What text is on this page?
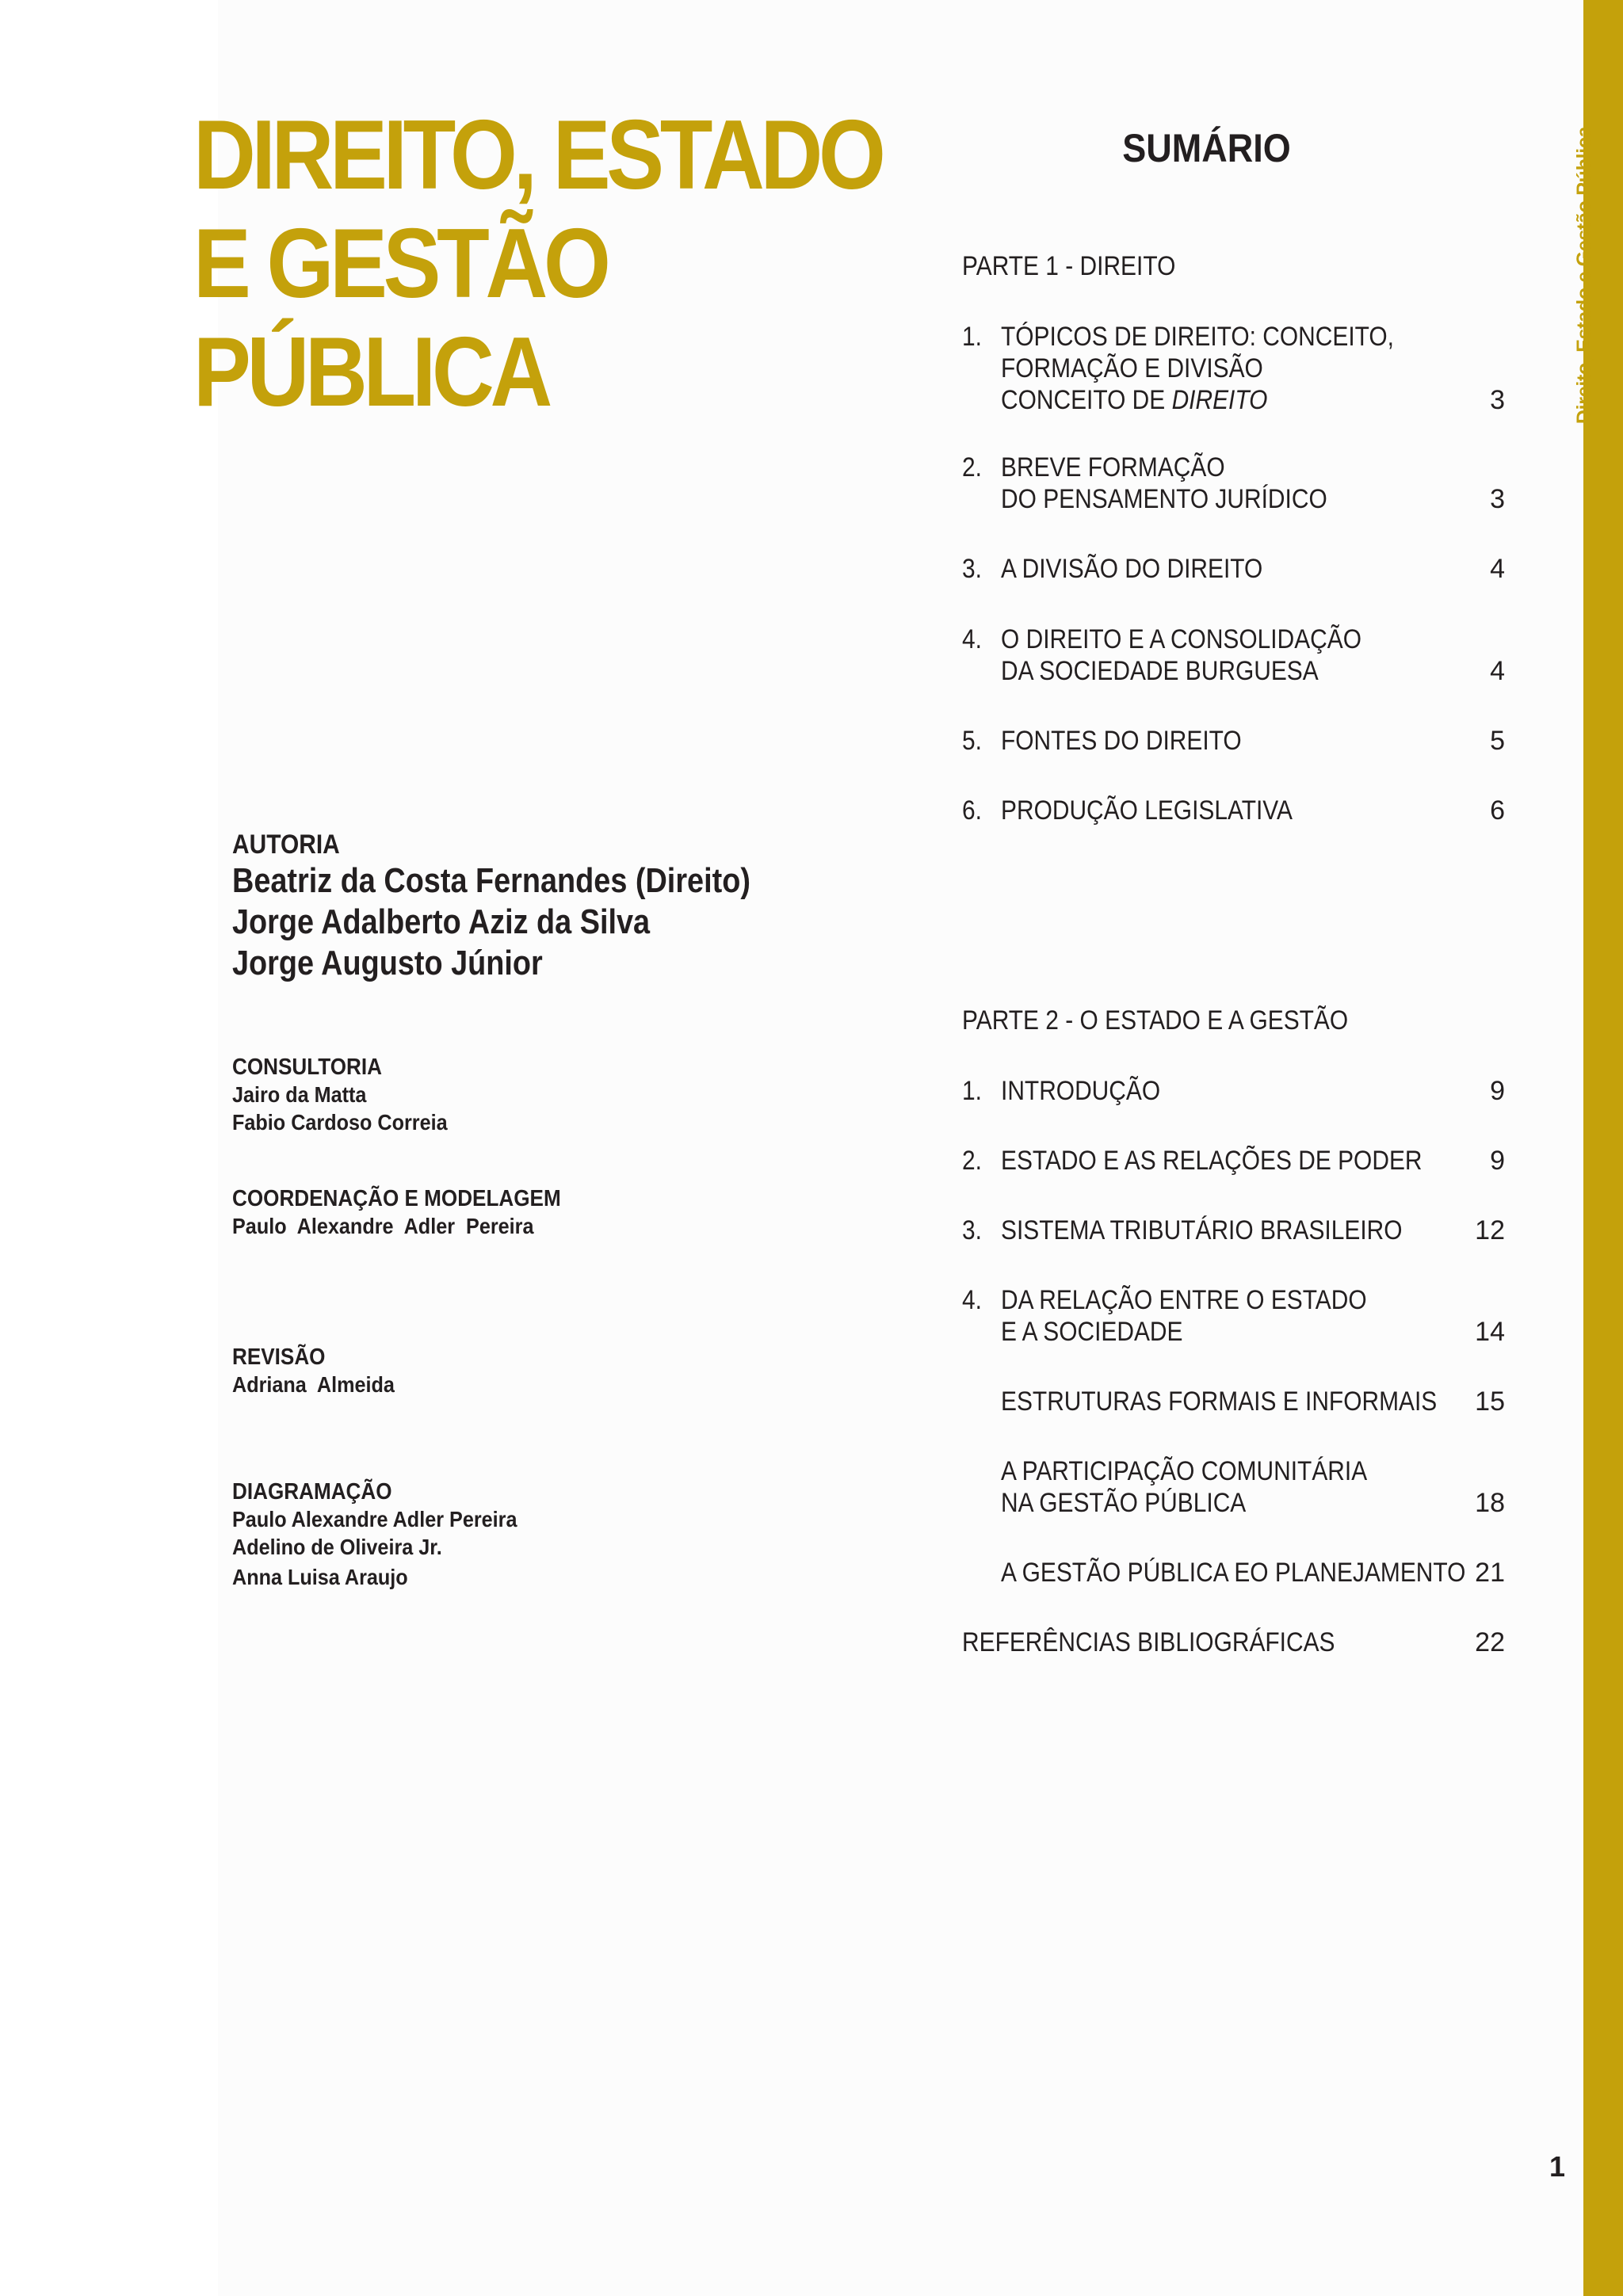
Direito, Estado e Gestão Pública
DIREITO, ESTADO
E GESTÃO
PÚBLICA
AUTORIA
Beatriz da Costa Fernandes (Direito)
Jorge Adalberto Aziz da Silva
Jorge Augusto Júnior
CONSULTORIA
Jairo da Matta
Fabio Cardoso Correia
COORDENAÇÃO E MODELAGEM
Paulo  Alexandre  Adler  Pereira
REVISÃO
Adriana  Almeida
DIAGRAMAÇÃO
Paulo Alexandre Adler Pereira
Adelino de Oliveira Jr.
Anna Luisa Araujo
SUMÁRIO
PARTE 1 - DIREITO
1. TÓPICOS DE DIREITO: CONCEITO,
FORMAÇÃO E DIVISÃO
CONCEITO DE DIREITO	3
2. BREVE FORMAÇÃO
DO PENSAMENTO JURÍDICO	3
3. A DIVISÃO DO DIREITO	4
4. O DIREITO E A CONSOLIDAÇÃO
DA SOCIEDADE BURGUESA	4
5. FONTES DO DIREITO	5
6. PRODUÇÃO LEGISLATIVA	6
PARTE 2 - O ESTADO E A GESTÃO
1. INTRODUÇÃO	9
2. ESTADO E AS RELAÇÕES DE PODER	9
3. SISTEMA TRIBUTÁRIO BRASILEIRO	12
4. DA RELAÇÃO ENTRE O ESTADO
E A SOCIEDADE	14
ESTRUTURAS FORMAIS E INFORMAIS 15
A PARTICIPAÇÃO COMUNITÁRIA
NA GESTÃO PÚBLICA	18
A GESTÃO PÚBLICA EO PLANEJAMENTO 21
REFERÊNCIAS BIBLIOGRÁFICAS	22
1
